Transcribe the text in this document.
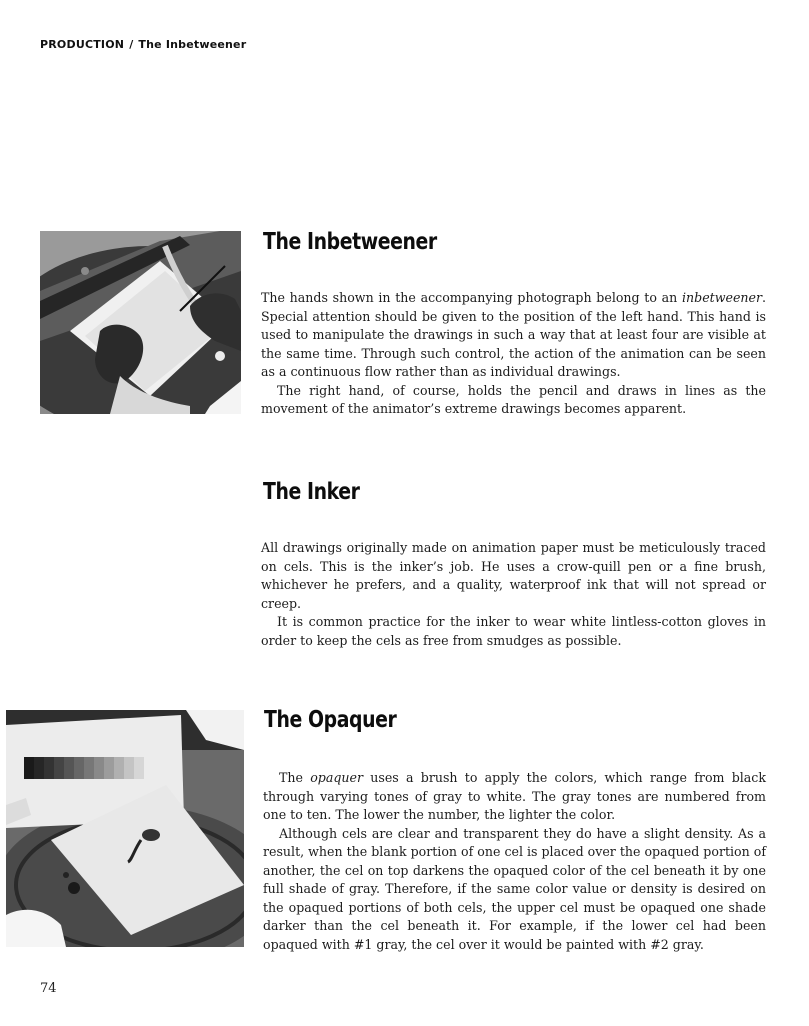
PRODUCTION / The Inbetweener
The Inbetweener

The hands shown in the accompanying photograph belong to an inbetweener. Special attention should be given to the position of the left hand. This hand is used to manipulate the drawings in such a way that at least four are visible at the same time. Through such control, the action of the animation can be seen as a continuous flow rather than as individual drawings.

The right hand, of course, holds the pencil and draws in lines as the movement of the animator’s extreme drawings becomes apparent.

The Inker

All drawings originally made on animation paper must be meticulously traced on cels. This is the inker’s job. He uses a crow-quill pen or a fine brush, whichever he prefers, and a quality, waterproof ink that will not spread or creep.

It is common practice for the inker to wear white lintless-cotton gloves in order to keep the cels as free from smudges as possible.

The Opaquer

The opaquer uses a brush to apply the colors, which range from black through varying tones of gray to white. The gray tones are numbered from one to ten. The lower the number, the lighter the color.

Although cels are clear and transparent they do have a slight density. As a result, when the blank portion of one cel is placed over the opaqued portion of another, the cel on top darkens the opaqued color of the cel beneath it by one full shade of gray. Therefore, if the same color value or density is desired on the opaqued portions of both cels, the upper cel must be opaqued one shade darker than the cel beneath it. For example, if the lower cel had been opaqued with #1 gray, the cel over it would be painted with #2 gray.

74
